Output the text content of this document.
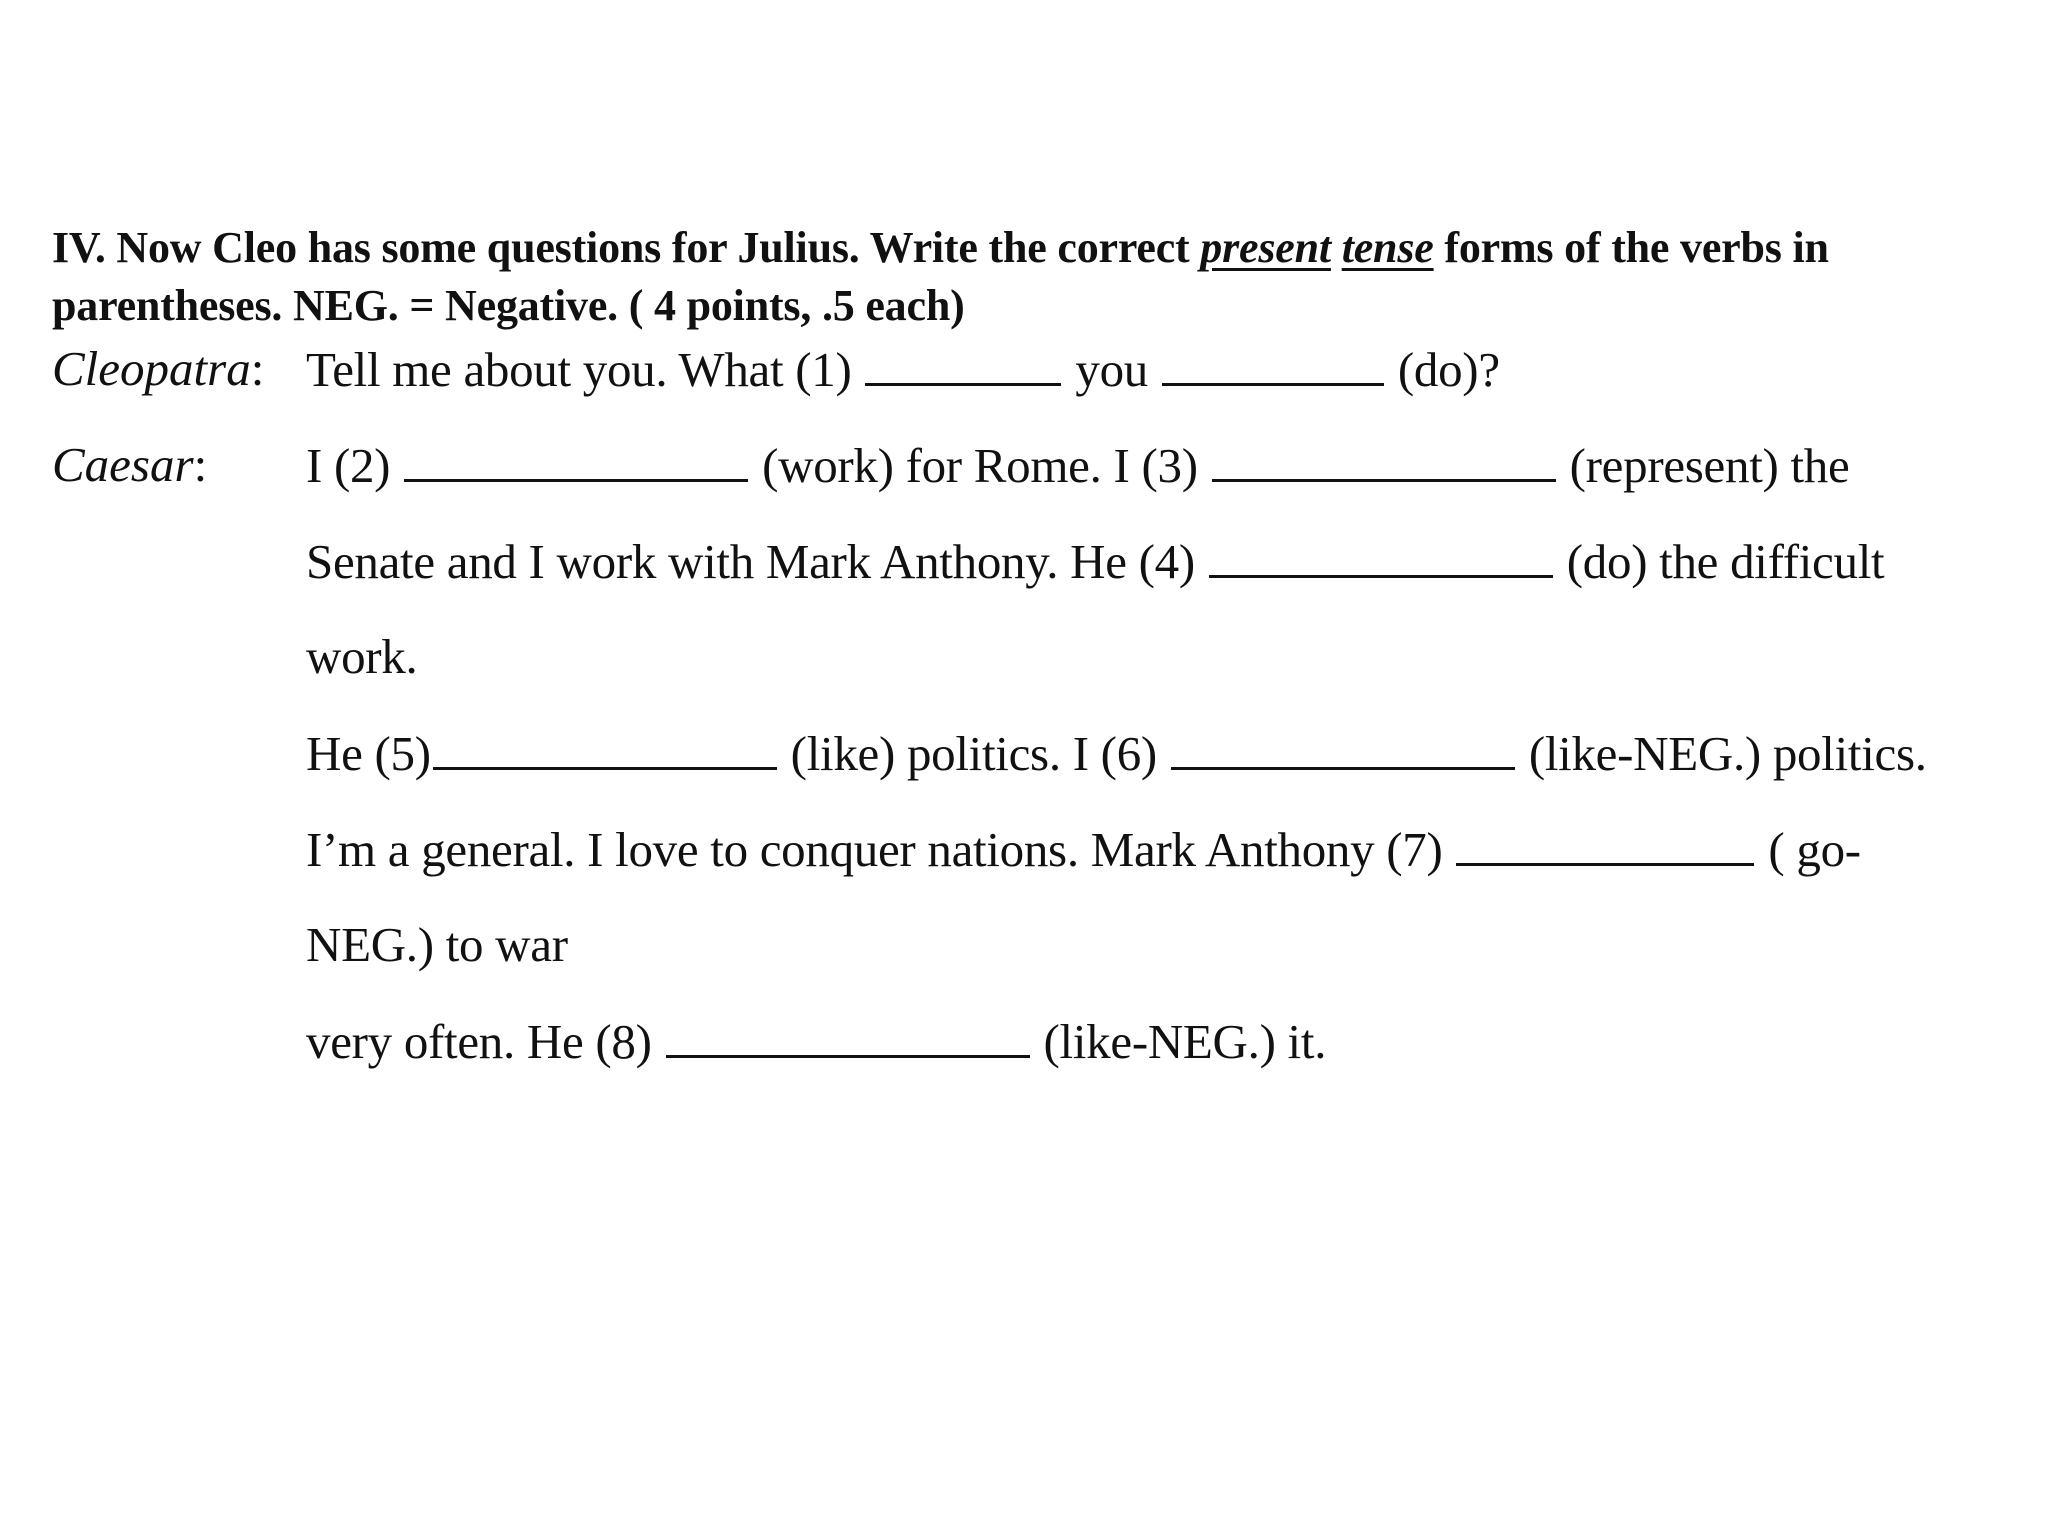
IV. Now Cleo has some questions for Julius. Write the correct present tense forms of the verbs in parentheses. NEG. = Negative. ( 4 points, .5 each)
Cleopatra: Tell me about you. What (1)	you	(do)?
Caesar: I (2)	(work) for Rome. I (3)	(represent) the
Senate and I work with Mark Anthony. He (4)	(do) the difficult
work.
He (5)	(like) politics. I (6)	(like-NEG.) politics.
I’m a general. I love to conquer nations. Mark Anthony (7)	( go-
NEG.) to war
very often. He (8)	(like-NEG.) it.
